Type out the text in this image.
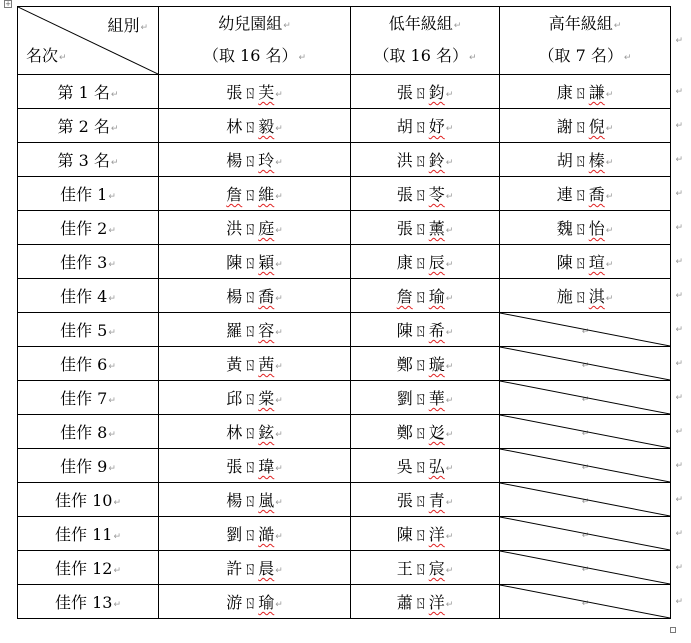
+
組別↵
名次↵	幼兒園組↵
（取 16 名）↵	低年級組↵
（取 16 名）↵	高年級組↵
（取 7 名）↵
↵

第 1 名↵	張ㄖ芙↵	張ㄖ鈞↵	康ㄖ謙↵ ↵

第 2 名↵	林ㄖ毅↵	胡ㄖ妤↵	謝ㄖ倪↵ ↵

第 3 名↵	楊ㄖ玲↵	洪ㄖ鈴↵	胡ㄖ榛↵ ↵

佳作 1↵	詹ㄖ維↵	張ㄖ苓↵	連ㄖ喬↵ ↵

佳作 2↵	洪ㄖ庭↵	張ㄖ薰↵	魏ㄖ怡↵ ↵

佳作 3↵	陳ㄖ穎↵	康ㄖ辰↵	陳ㄖ瑄↵ ↵

佳作 4↵	楊ㄖ喬↵	詹ㄖ瑜↵	施ㄖ淇↵ ↵

佳作 5↵	羅ㄖ容↵	陳ㄖ希↵	↵ ↵

佳作 6↵	黃ㄖ茜↵	鄭ㄖ璇↵	↵ ↵

佳作 7↵	邱ㄖ棠↵	劉ㄖ華↵	↵ ↵

佳作 8↵	林ㄖ鉉↵	鄭ㄖ彣↵	↵ ↵

佳作 9↵	張ㄖ瑋↵	吳ㄖ弘↵	↵ ↵

佳作 10↵	楊ㄖ嵐↵	張ㄖ青↵	↵ ↵

佳作 11↵	劉ㄖ澔↵	陳ㄖ洋↵	↵ ↵

佳作 12↵	許ㄖ晨↵	王ㄖ宸↵	↵ ↵

佳作 13↵	游ㄖ瑜↵	蕭ㄖ洋↵	↵ ↵
